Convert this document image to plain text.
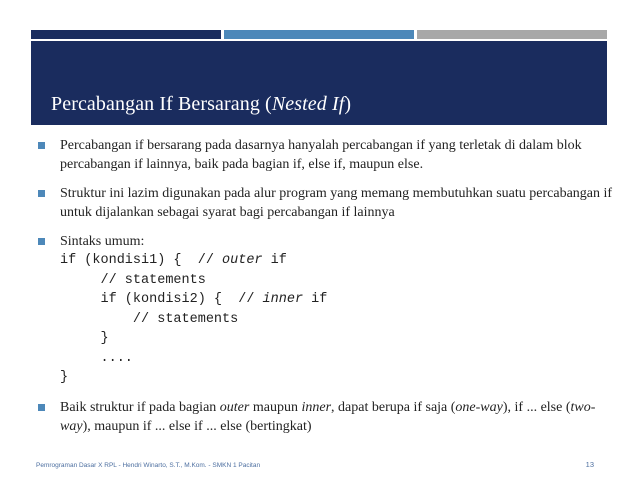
Percabangan If Bersarang (Nested If)
Percabangan if bersarang pada dasarnya hanyalah percabangan if yang terletak di dalam blok percabangan if lainnya, baik pada bagian if, else if, maupun else.
Struktur ini lazim digunakan pada alur program yang memang membutuhkan suatu percabangan if untuk dijalankan sebagai syarat bagi percabangan if lainnya
Sintaks umum:
if (kondisi1) {  // outer if
// statements
if (kondisi2) {  // inner if
// statements
}
....
}
Baik struktur if pada bagian outer maupun inner, dapat berupa if saja (one-way), if ... else (two-way), maupun if ... else if ... else (bertingkat)
Pemrograman Dasar X RPL - Hendri Winarto, S.T., M.Kom. - SMKN 1 Pacitan	13
